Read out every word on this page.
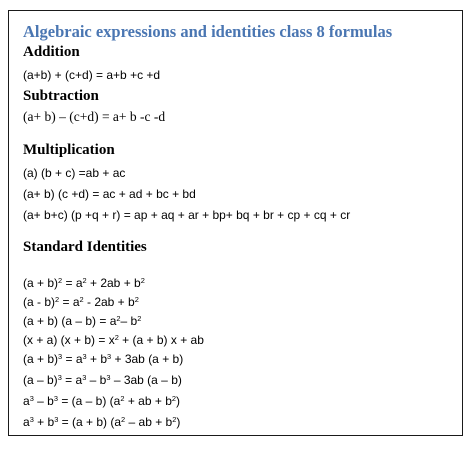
Algebraic expressions and identities class 8 formulas
Addition
(a+b) + (c+d) = a+b +c +d
Subtraction
(a+ b) – (c+d) = a+ b -c -d
Multiplication
(a) (b + c) =ab + ac
(a+ b) (c +d) = ac + ad + bc + bd
(a+ b+c) (p +q + r) = ap + aq + ar + bp+ bq + br + cp + cq + cr
Standard Identities
$(a + b)^2 = a^2 + 2ab + b^2$
$(a - b)^2 = a^2 - 2ab + b^2$
(a + b) $(a - b) = a^2-$ $b^2$
(x + a) $(x + b) = x^2 + (a + b) x$ + ab
$(a + b)^3 = a^3 + b^3 + 3ab$ (a + b)
$(a - b)^3 = a^3 - b^3 - 3ab$ (a – b)
$a^3 - b^3 = (a - b) (a^2$ + ab + $b^2$)
$a^3 + b^3 = (a + b)$ ($a^2$ – ab + $b^2$)
